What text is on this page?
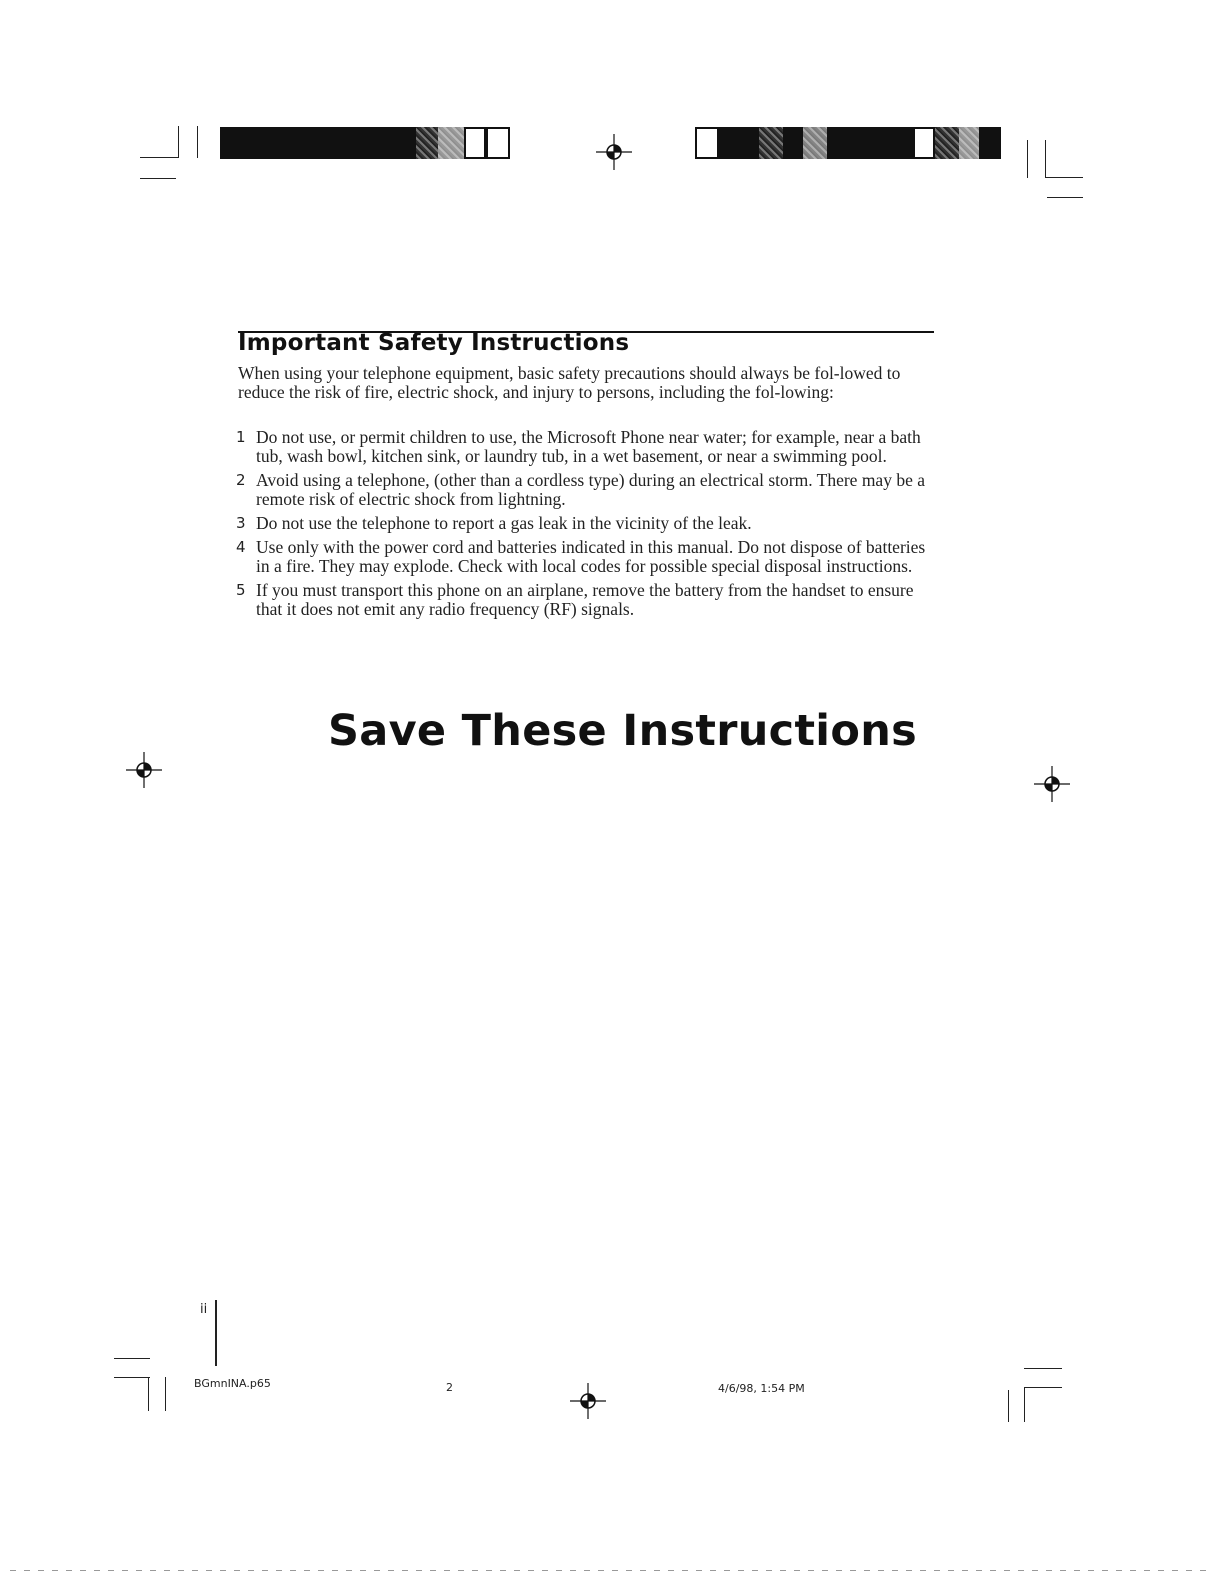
Important Safety Instructions
When using your telephone equipment, basic safety precautions should always be fol-lowed to reduce the risk of fire, electric shock, and injury to persons, including the fol-lowing:
1 Do not use, or permit children to use, the Microsoft Phone near water; for example, near a bath tub, wash bowl, kitchen sink, or laundry tub, in a wet basement, or near a swimming pool.
2 Avoid using a telephone, (other than a cordless type) during an electrical storm. There may be a remote risk of electric shock from lightning.
3 Do not use the telephone to report a gas leak in the vicinity of the leak.
4 Use only with the power cord and batteries indicated in this manual. Do not dispose of batteries in a fire. They may explode. Check with local codes for possible special disposal instructions.
5 If you must transport this phone on an airplane, remove the battery from the handset to ensure that it does not emit any radio frequency (RF) signals.
Save These Instructions
ii
BGmnINA.p65	2	4/6/98, 1:54 PM
